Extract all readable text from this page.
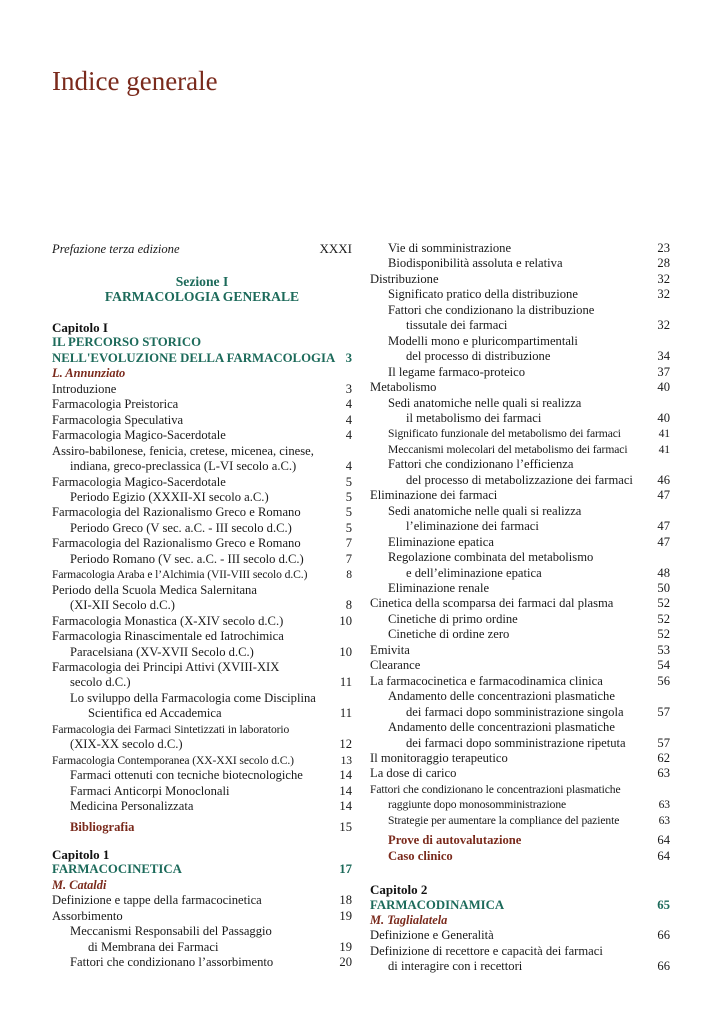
Indice generale
Prefazione terza edizione	XXXI
Sezione I
FARMACOLOGIA GENERALE
Capitolo I
IL PERCORSO STORICO
NELL'EVOLUZIONE DELLA FARMACOLOGIA 3
L. Annunziato
Introduzione	3
Farmacologia Preistorica	4
Farmacologia Speculativa	4
Farmacologia Magico-Sacerdotale	4
Assiro-babilonese, fenicia, cretese, micenea, cinese,
indiana, greco-preclassica (L-VI secolo a.C.)	4
Farmacologia Magico-Sacerdotale	5
Periodo Egizio (XXXII-XI secolo a.C.)	5
Farmacologia del Razionalismo Greco e Romano	5
Periodo Greco (V sec. a.C. - III secolo d.C.)	5
Farmacologia del Razionalismo Greco e Romano	7
Periodo Romano (V sec. a.C. - III secolo d.C.)	7
Farmacologia Araba e l’Alchimia (VII-VIII secolo d.C.)	8
Periodo della Scuola Medica Salernitana
(XI-XII Secolo d.C.)	8
Farmacologia Monastica (X-XIV secolo d.C.)	10
Farmacologia Rinascimentale ed Iatrochimica
Paracelsiana (XV-XVII Secolo d.C.)	10
Farmacologia dei Principi Attivi (XVIII-XIX
secolo d.C.)	11
Lo sviluppo della Farmacologia come Disciplina
Scientifica ed Accademica	11
Farmacologia dei Farmaci Sintetizzati in laboratorio
(XIX-XX secolo d.C.)	12
Farmacologia Contemporanea (XX-XXI secolo d.C.)	13
Farmaci ottenuti con tecniche biotecnologiche	14
Farmaci Anticorpi Monoclonali	14
Medicina Personalizzata	14
Bibliografia	15
Capitolo 1
FARMACOCINETICA	17
M. Cataldi
Definizione e tappe della farmacocinetica	18
Assorbimento	19
Meccanismi Responsabili del Passaggio
di Membrana dei Farmaci	19
Fattori che condizionano l’assorbimento	20
Vie di somministrazione	23
Biodisponibilità assoluta e relativa	28
Distribuzione	32
Significato pratico della distribuzione	32
Fattori che condizionano la distribuzione
tissutale dei farmaci	32
Modelli mono e pluricompartimentali
del processo di distribuzione	34
Il legame farmaco-proteico	37
Metabolismo	40
Sedi anatomiche nelle quali si realizza
il metabolismo dei farmaci	40
Significato funzionale del metabolismo dei farmaci	41
Meccanismi molecolari del metabolismo dei farmaci	41
Fattori che condizionano l’efficienza
del processo di metabolizzazione dei farmaci	46
Eliminazione dei farmaci	47
Sedi anatomiche nelle quali si realizza
l’eliminazione dei farmaci	47
Eliminazione epatica	47
Regolazione combinata del metabolismo
e dell’eliminazione epatica	48
Eliminazione renale	50
Cinetica della scomparsa dei farmaci dal plasma	52
Cinetiche di primo ordine	52
Cinetiche di ordine zero	52
Emivita	53
Clearance	54
La farmacocinetica e farmacodinamica clinica	56
Andamento delle concentrazioni plasmatiche
dei farmaci dopo somministrazione singola	57
Andamento delle concentrazioni plasmatiche
dei farmaci dopo somministrazione ripetuta	57
Il monitoraggio terapeutico	62
La dose di carico	63
Fattori che condizionano le concentrazioni plasmatiche
raggiunte dopo monosomministrazione	63
Strategie per aumentare la compliance del paziente	63
Prove di autovalutazione	64
Caso clinico	64
Capitolo 2
FARMACODINAMICA	65
M. Taglialatela
Definizione e Generalità	66
Definizione di recettore e capacità dei farmaci
di interagire con i recettori	66
